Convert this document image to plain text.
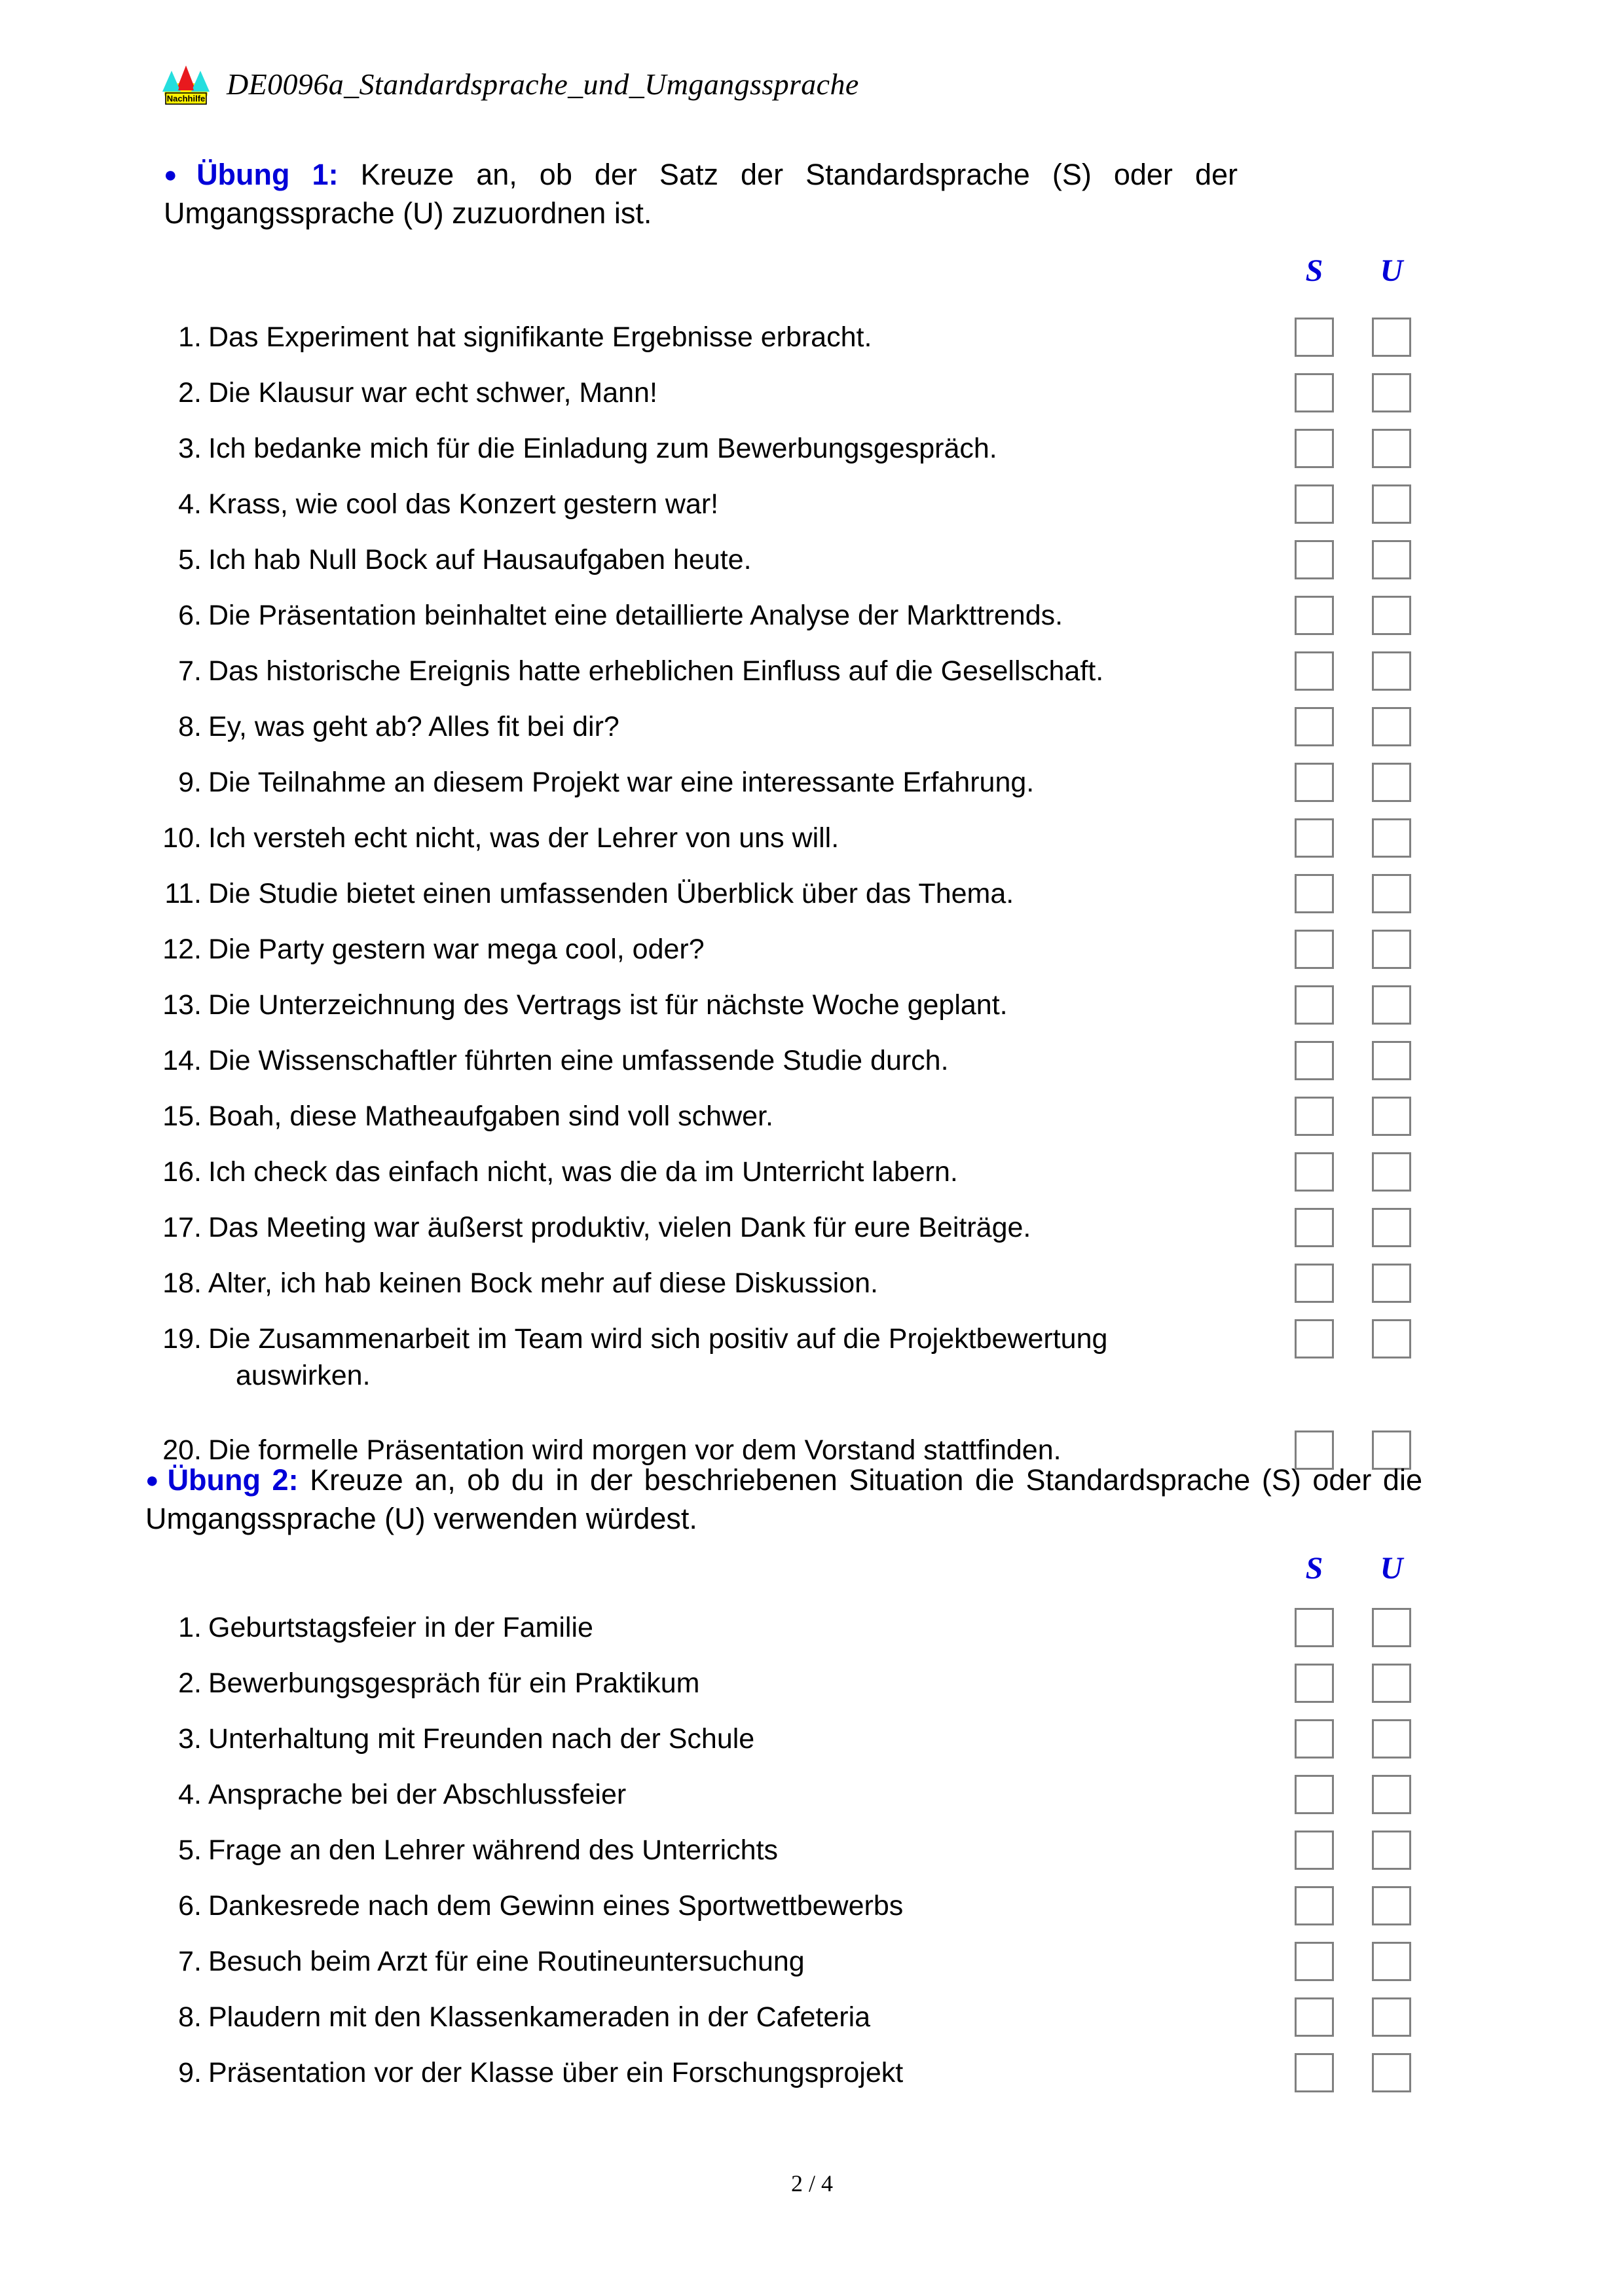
Nachhilfe DE0096a_Standardsprache_und_Umgangssprache
● Übung 1: Kreuze an, ob der Satz der Standardsprache (S) oder der Umgangssprache (U) zuzuordnen ist.
S	U
1. Das Experiment hat signifikante Ergebnisse erbracht.
2. Die Klausur war echt schwer, Mann!
3. Ich bedanke mich für die Einladung zum Bewerbungsgespräch.
4. Krass, wie cool das Konzert gestern war!
5. Ich hab Null Bock auf Hausaufgaben heute.
6. Die Präsentation beinhaltet eine detaillierte Analyse der Markttrends.
7. Das historische Ereignis hatte erheblichen Einfluss auf die Gesellschaft.
8. Ey, was geht ab? Alles fit bei dir?
9. Die Teilnahme an diesem Projekt war eine interessante Erfahrung.
10. Ich versteh echt nicht, was der Lehrer von uns will.
11. Die Studie bietet einen umfassenden Überblick über das Thema.
12. Die Party gestern war mega cool, oder?
13. Die Unterzeichnung des Vertrags ist für nächste Woche geplant.
14. Die Wissenschaftler führten eine umfassende Studie durch.
15. Boah, diese Matheaufgaben sind voll schwer.
16. Ich check das einfach nicht, was die da im Unterricht labern.
17. Das Meeting war äußerst produktiv, vielen Dank für eure Beiträge.
18. Alter, ich hab keinen Bock mehr auf diese Diskussion.
19. Die Zusammenarbeit im Team wird sich positiv auf die Projektbewertung
auswirken.
20. Die formelle Präsentation wird morgen vor dem Vorstand stattfinden.
● Übung 2: Kreuze an, ob du in der beschriebenen Situation die Standardsprache (S) oder die Umgangssprache (U) verwenden würdest.
S	U
1. Geburtstagsfeier in der Familie
2. Bewerbungsgespräch für ein Praktikum
3. Unterhaltung mit Freunden nach der Schule
4. Ansprache bei der Abschlussfeier
5. Frage an den Lehrer während des Unterrichts
6. Dankesrede nach dem Gewinn eines Sportwettbewerbs
7. Besuch beim Arzt für eine Routineuntersuchung
8. Plaudern mit den Klassenkameraden in der Cafeteria
9. Präsentation vor der Klasse über ein Forschungsprojekt
2 / 4
